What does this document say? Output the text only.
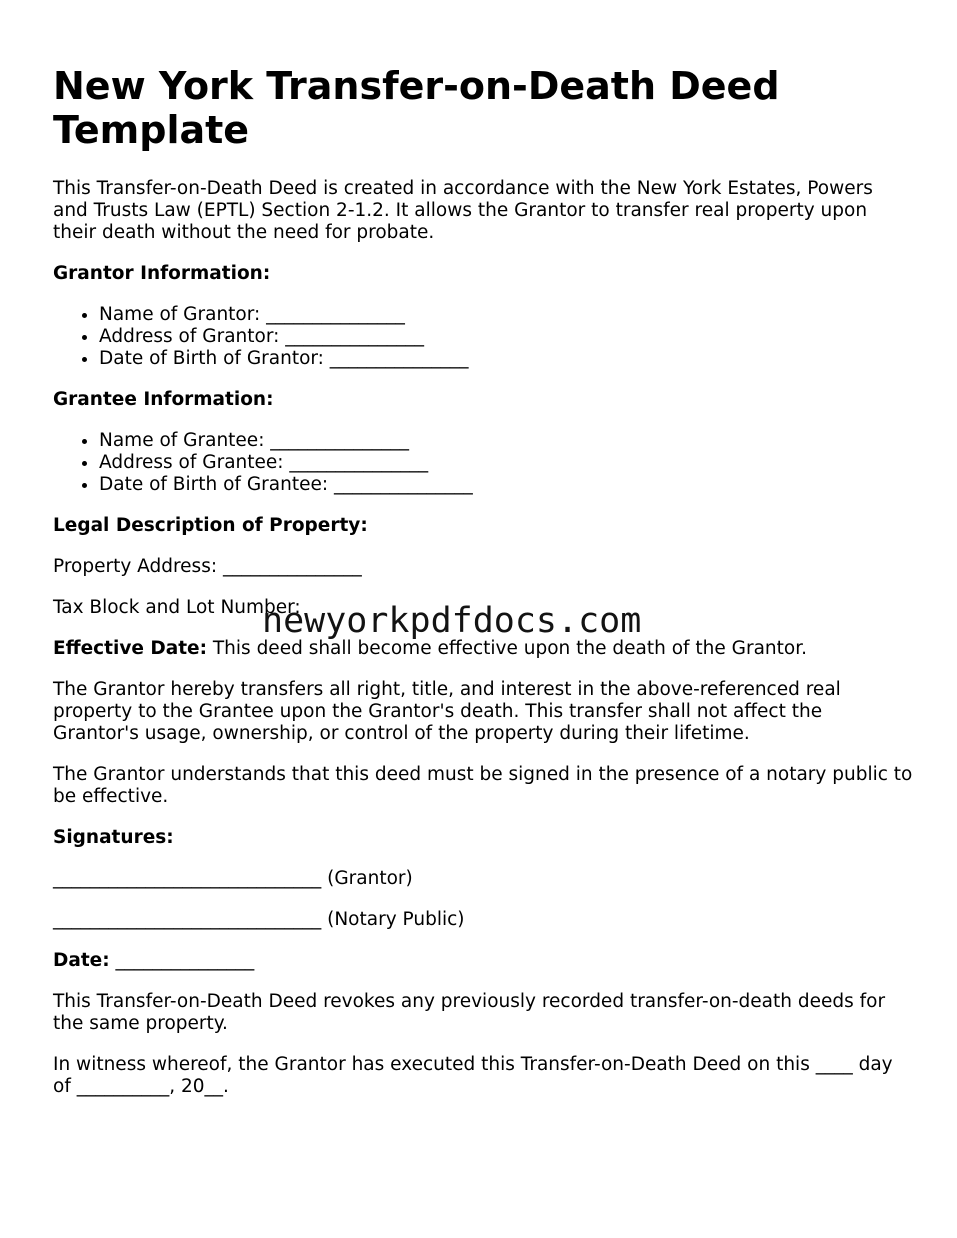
New York Transfer-on-Death Deed Template

This Transfer-on-Death Deed is created in accordance with the New York Estates, Powers and Trusts Law (EPTL) Section 2-1.2. It allows the Grantor to transfer real property upon their death without the need for probate.

Grantor Information:

• Name of Grantor: _______________
• Address of Grantor: _______________
• Date of Birth of Grantor: _______________

Grantee Information:

• Name of Grantee: _______________
• Address of Grantee: _______________
• Date of Birth of Grantee: _______________

Legal Description of Property:

Property Address: _______________

Tax Block and Lot Number:

Effective Date: This deed shall become effective upon the death of the Grantor.

The Grantor hereby transfers all right, title, and interest in the above-referenced real property to the Grantee upon the Grantor's death. This transfer shall not affect the Grantor's usage, ownership, or control of the property during their lifetime.

The Grantor understands that this deed must be signed in the presence of a notary public to be effective.

Signatures:

_____________________________ (Grantor)

_____________________________ (Notary Public)

Date: _______________

This Transfer-on-Death Deed revokes any previously recorded transfer-on-death deeds for the same property.

In witness whereof, the Grantor has executed this Transfer-on-Death Deed on this ____ day of __________, 20__.

newyorkpdfdocs.com
